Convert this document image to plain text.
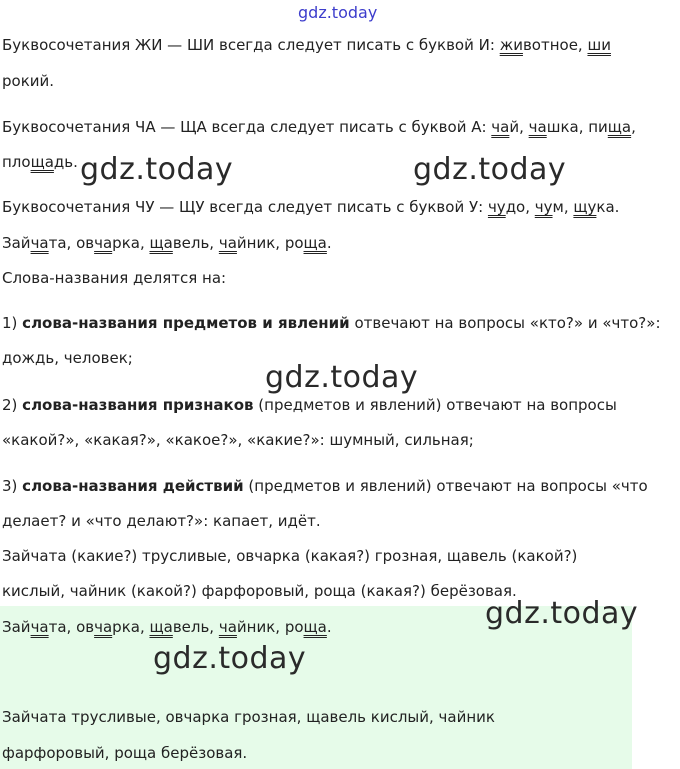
gdz.today
Буквосочетания ЖИ — ШИ всегда следует писать с буквой И: животное, ши
рокий.
Буквосочетания ЧА — ЩА всегда следует писать с буквой А: чай, чашка, пища,
площадь.
Буквосочетания ЧУ — ЩУ всегда следует писать с буквой У: чудо, чум, щука.
Зайчата, овчарка, щавель, чайник, роща.
Слова-названия делятся на:
1) слова-названия предметов и явлений отвечают на вопросы «кто?» и «что?»:
дождь, человек;
2) слова-названия признаков (предметов и явлений) отвечают на вопросы
«какой?», «какая?», «какое?», «какие?»: шумный, сильная;
3) слова-названия действий (предметов и явлений) отвечают на вопросы «что
делает? и «что делают?»: капает, идёт.
Зайчата (какие?) трусливые, овчарка (какая?) грозная, щавель (какой?)
кислый, чайник (какой?) фарфоровый, роща (какая?) берёзовая.
Зайчата, овчарка, щавель, чайник, роща.
Зайчата трусливые, овчарка грозная, щавель кислый, чайник
фарфоровый, роща берёзовая.
gdz.today	gdz.today
gdz.today
gdz.today
gdz.today
